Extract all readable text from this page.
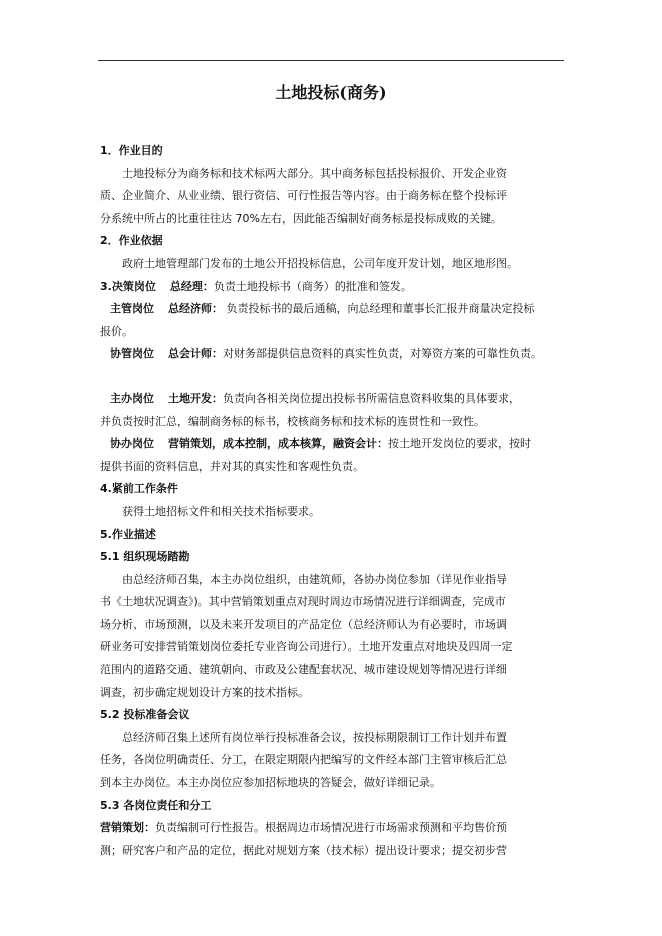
土地投标(商务)

1．作业目的

土地投标分为商务标和技术标两大部分。其中商务标包括投标报价、开发企业资

质、企业简介、从业业绩、银行资信、可行性报告等内容。由于商务标在整个投标评

分系统中所占的比重往往达 70%左右，因此能否编制好商务标是投标成败的关键。

2．作业依据

政府土地管理部门发布的土地公开招投标信息，公司年度开发计划，地区地形图。

3.决策岗位 总经理：负责土地投标书（商务）的批准和签发。

主管岗位 总经济师： 负责投标书的最后通稿，向总经理和董事长汇报并商量决定投标

报价。

协管岗位 总会计师：对财务部提供信息资料的真实性负责，对筹资方案的可靠性负责。

主办岗位 土地开发：负责向各相关岗位提出投标书所需信息资料收集的具体要求，

并负责按时汇总，编制商务标的标书，校核商务标和技术标的连贯性和一致性。

协办岗位 营销策划，成本控制，成本核算，融资会计：按土地开发岗位的要求，按时

提供书面的资料信息，并对其的真实性和客观性负责。

4.紧前工作条件

获得土地招标文件和相关技术指标要求。

5.作业描述

5.1 组织现场踏勘

由总经济师召集，本主办岗位组织，由建筑师，各协办岗位参加（详见作业指导

书《土地状况调查》)。其中营销策划重点对现时周边市场情况进行详细调查，完成市

场分析、市场预测，以及未来开发项目的产品定位（总经济师认为有必要时，市场调

研业务可安排营销策划岗位委托专业咨询公司进行）。土地开发重点对地块及四周一定

范围内的道路交通、建筑朝向、市政及公建配套状况、城市建设规划等情况进行详细

调查，初步确定规划设计方案的技术指标。

5.2 投标准备会议

总经济师召集上述所有岗位举行投标准备会议，按投标期限制订工作计划并布置

任务，各岗位明确责任、分工，在限定期限内把编写的文件经本部门主管审核后汇总

到本主办岗位。本主办岗位应参加招标地块的答疑会，做好详细记录。

5.3 各岗位责任和分工

营销策划：负责编制可行性报告。根据周边市场情况进行市场需求预测和平均售价预

测；研究客户和产品的定位，据此对规划方案（技术标）提出设计要求；提交初步营
